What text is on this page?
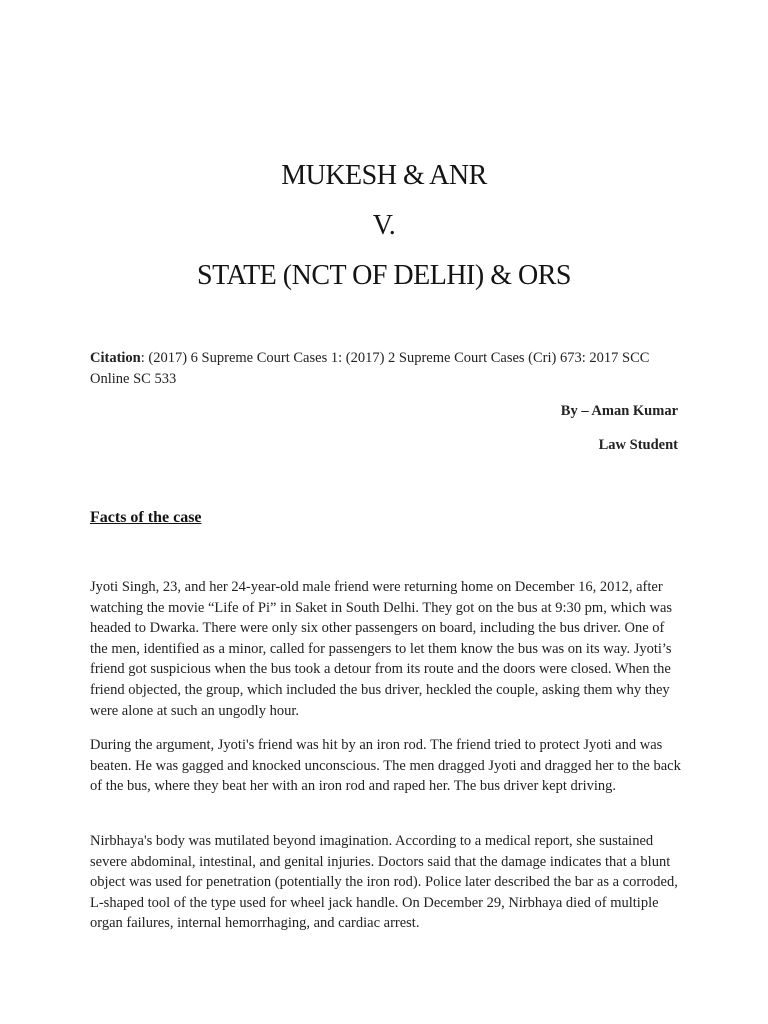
MUKESH & ANR
V.
STATE (NCT OF DELHI) & ORS

Citation: (2017) 6 Supreme Court Cases 1: (2017) 2 Supreme Court Cases (Cri) 673: 2017 SCC Online SC 533

By – Aman Kumar

Law Student

Facts of the case

Jyoti Singh, 23, and her 24-year-old male friend were returning home on December 16, 2012, after watching the movie “Life of Pi” in Saket in South Delhi. They got on the bus at 9:30 pm, which was headed to Dwarka. There were only six other passengers on board, including the bus driver. One of the men, identified as a minor, called for passengers to let them know the bus was on its way. Jyoti’s friend got suspicious when the bus took a detour from its route and the doors were closed. When the friend objected, the group, which included the bus driver, heckled the couple, asking them why they were alone at such an ungodly hour.

During the argument, Jyoti's friend was hit by an iron rod. The friend tried to protect Jyoti and was beaten. He was gagged and knocked unconscious. The men dragged Jyoti and dragged her to the back of the bus, where they beat her with an iron rod and raped her. The bus driver kept driving.

Nirbhaya's body was mutilated beyond imagination. According to a medical report, she sustained severe abdominal, intestinal, and genital injuries. Doctors said that the damage indicates that a blunt object was used for penetration (potentially the iron rod). Police later described the bar as a corroded, L-shaped tool of the type used for wheel jack handle. On December 29, Nirbhaya died of multiple organ failures, internal hemorrhaging, and cardiac arrest.
